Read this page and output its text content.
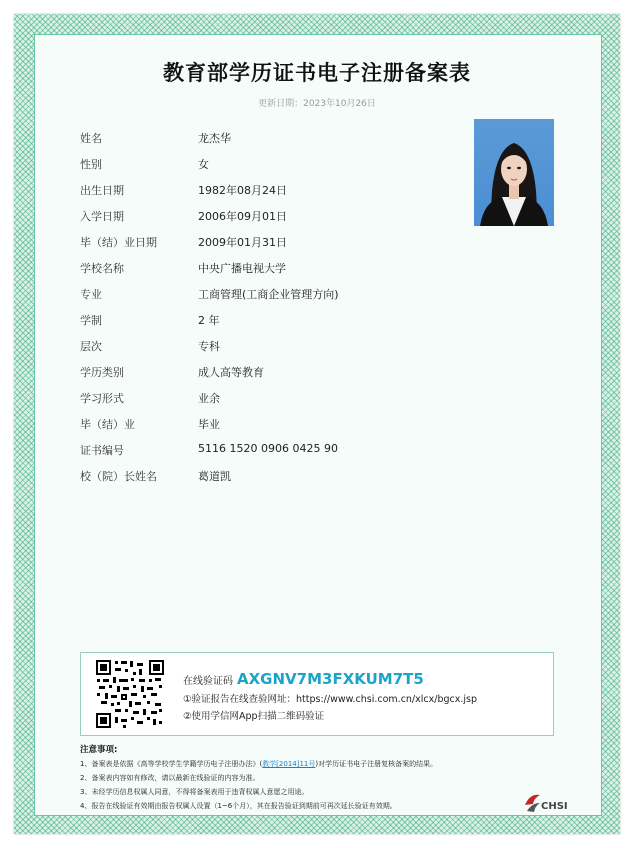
教育部学历证书电子注册备案表
更新日期：2023年10月26日
姓名	龙杰华
性别	女
出生日期	1982年08月24日
入学日期	2006年09月01日
毕（结）业日期	2009年01月31日
学校名称	中央广播电视大学
专业	工商管理(工商企业管理方向)
学制	2 年
层次	专科
学历类别	成人高等教育
学习形式	业余
毕（结）业	毕业
证书编号	5116 1520 0906 0425 90
校（院）长姓名	葛道凯
在线验证码 AXGNV7M3FXKUM7T5
①验证报告在线查验网址：https://www.chsi.com.cn/xlcx/bgcx.jsp
②使用学信网App扫描二维码验证
注意事项:
1、备案表是依据《高等学校学生学籍学历电子注册办法》(教学[2014]11号)对学历证书电子注册复核备案的结果。
2、备案表内容如有修改，请以最新在线验证的内容为准。
3、未经学历信息权属人同意，不得将备案表用于违背权属人意愿之用途。
4、报告在线验证有效期由报告权属人设置（1~6个月），其在报告验证到期前可再次延长验证有效期。	CHSI
